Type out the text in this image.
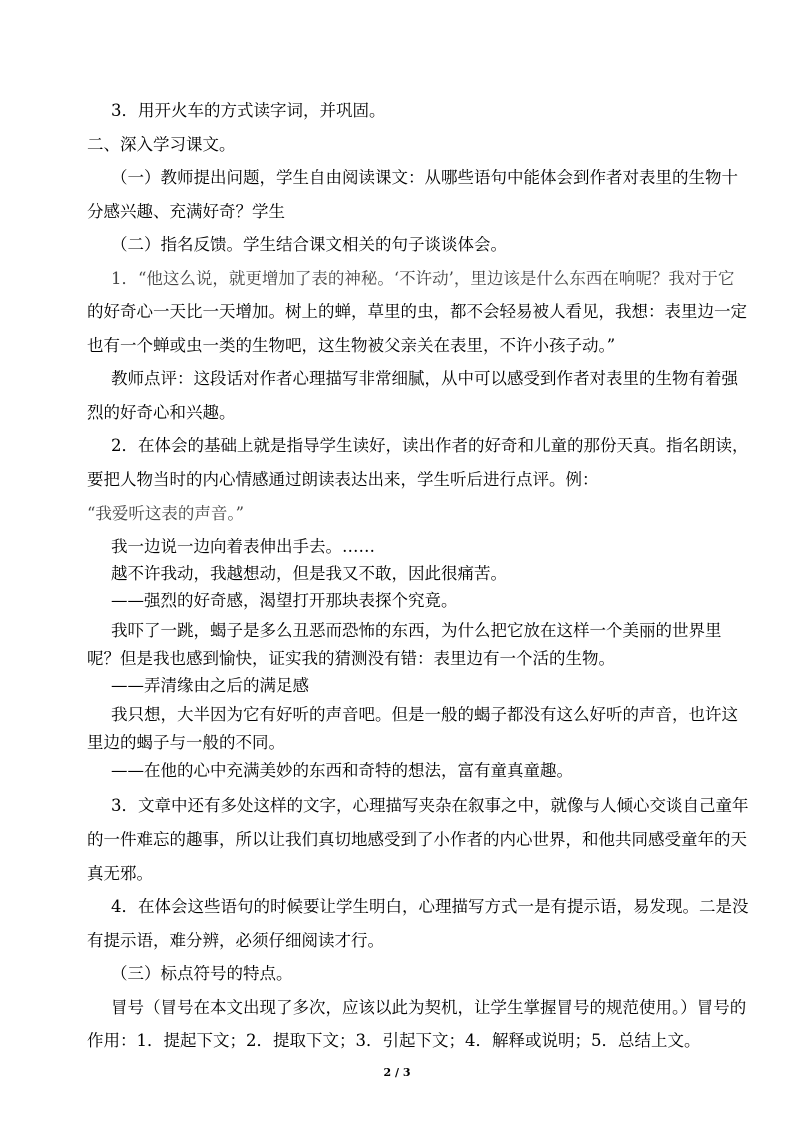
3．用开火车的方式读字词，并巩固。
二、深入学习课文。
（一）教师提出问题，学生自由阅读课文：从哪些语句中能体会到作者对表里的生物十
分感兴趣、充满好奇？学生
（二）指名反馈。学生结合课文相关的句子谈谈体会。
1．“他这么说，就更增加了表的神秘。‘不许动’，里边该是什么东西在响呢？我对于它
的好奇心一天比一天增加。树上的蝉，草里的虫，都不会轻易被人看见，我想：表里边一定
也有一个蝉或虫一类的生物吧，这生物被父亲关在表里，不许小孩子动。”
教师点评：这段话对作者心理描写非常细腻，从中可以感受到作者对表里的生物有着强
烈的好奇心和兴趣。
2．在体会的基础上就是指导学生读好，读出作者的好奇和儿童的那份天真。指名朗读，
要把人物当时的内心情感通过朗读表达出来，学生听后进行点评。例：
“我爱听这表的声音。”
我一边说一边向着表伸出手去。……
越不许我动，我越想动，但是我又不敢，因此很痛苦。
——强烈的好奇感，渴望打开那块表探个究竟。
我吓了一跳，蝎子是多么丑恶而恐怖的东西，为什么把它放在这样一个美丽的世界里
呢？但是我也感到愉快，证实我的猜测没有错：表里边有一个活的生物。
——弄清缘由之后的满足感
我只想，大半因为它有好听的声音吧。但是一般的蝎子都没有这么好听的声音，也许这
里边的蝎子与一般的不同。
——在他的心中充满美妙的东西和奇特的想法，富有童真童趣。
3．文章中还有多处这样的文字，心理描写夹杂在叙事之中，就像与人倾心交谈自己童年
的一件难忘的趣事，所以让我们真切地感受到了小作者的内心世界，和他共同感受童年的天
真无邪。
4．在体会这些语句的时候要让学生明白，心理描写方式一是有提示语，易发现。二是没
有提示语，难分辨，必须仔细阅读才行。
（三）标点符号的特点。
冒号（冒号在本文出现了多次，应该以此为契机，让学生掌握冒号的规范使用。）冒号的
作用：1．提起下文；2．提取下文；3．引起下文；4．解释或说明；5．总结上文。
2 / 3
